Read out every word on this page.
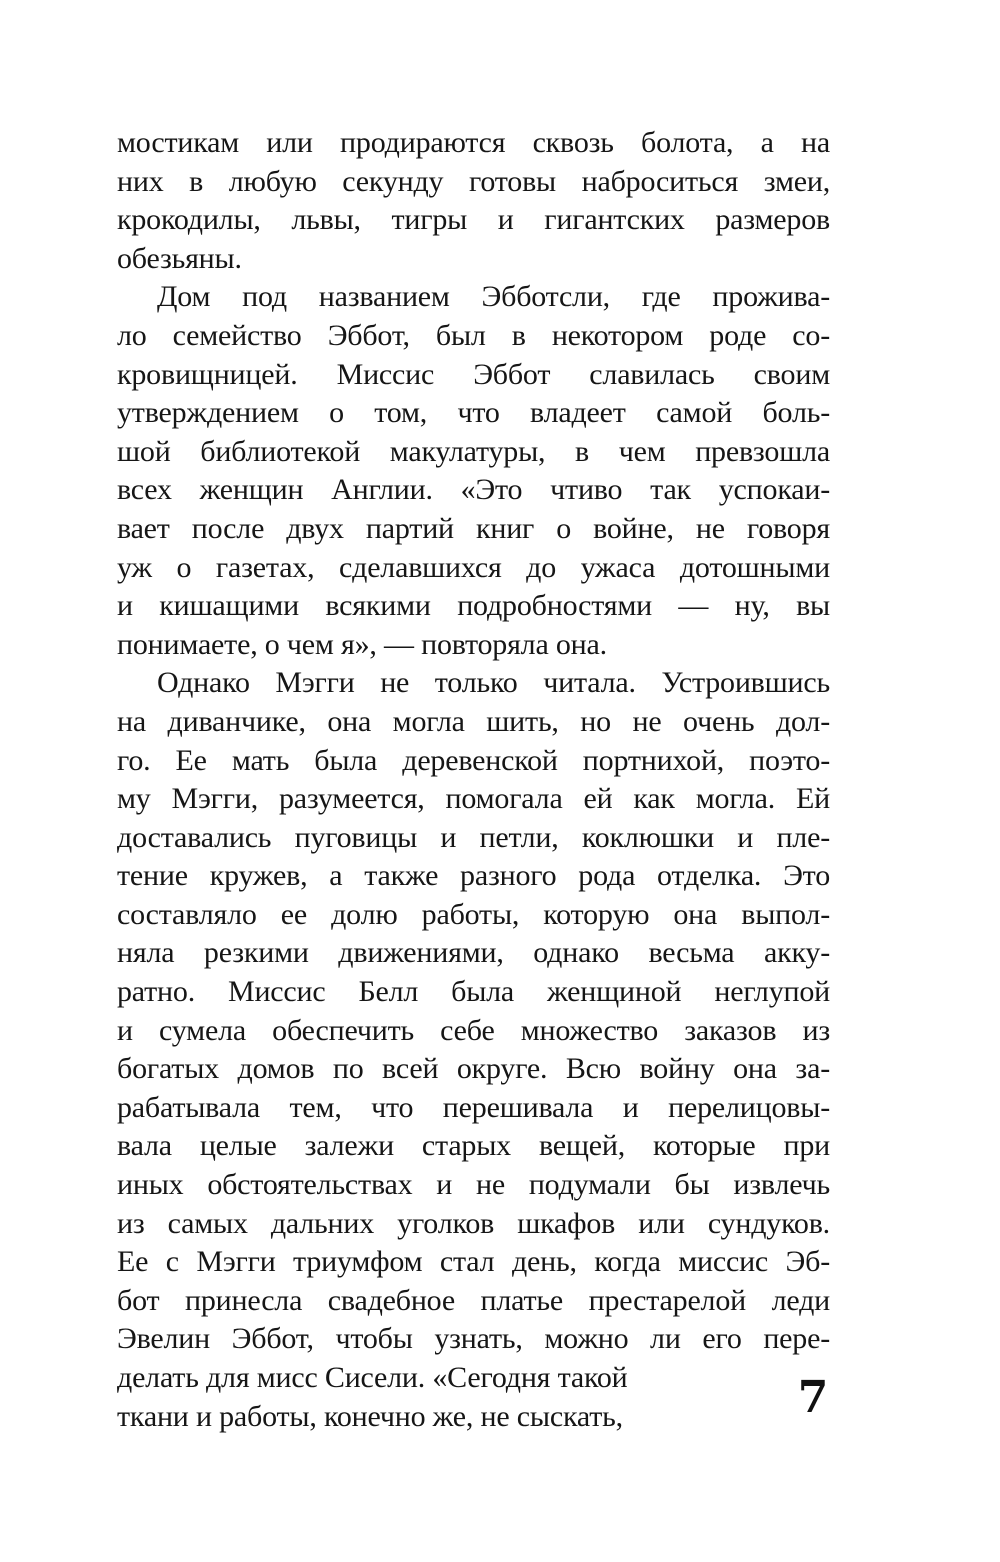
мостикам или продираются сквозь болота, а на
них в любую секунду готовы наброситься змеи,
крокодилы, львы, тигры и гигантских размеров
обезьяны.
Дом под названием Эбботсли, где прожива-
ло семейство Эббот, был в некотором роде со-
кровищницей. Миссис Эббот славилась своим
утверждением о том, что владеет самой боль-
шой библиотекой макулатуры, в чем превзошла
всех женщин Англии. «Это чтиво так успокаи-
вает после двух партий книг о войне, не говоря
уж о газетах, сделавшихся до ужаса дотошными
и кишащими всякими подробностями — ну, вы
понимаете, о чем я», — повторяла она.
Однако Мэгги не только читала. Устроившись
на диванчике, она могла шить, но не очень дол-
го. Ее мать была деревенской портнихой, поэто-
му Мэгги, разумеется, помогала ей как могла. Ей
доставались пуговицы и петли, коклюшки и пле-
тение кружев, а также разного рода отделка. Это
составляло ее долю работы, которую она выпол-
няла резкими движениями, однако весьма акку-
ратно. Миссис Белл была женщиной неглупой
и сумела обеспечить себе множество заказов из
богатых домов по всей округе. Всю войну она за-
рабатывала тем, что перешивала и перелицовы-
вала целые залежи старых вещей, которые при
иных обстоятельствах и не подумали бы извлечь
из самых дальних уголков шкафов или сундуков.
Ее с Мэгги триумфом стал день, когда миссис Эб-
бот принесла свадебное платье престарелой леди
Эвелин Эббот, чтобы узнать, можно ли его пере-
делать для мисс Сисели. «Сегодня такой
ткани и работы, конечно же, не сыскать,	7
